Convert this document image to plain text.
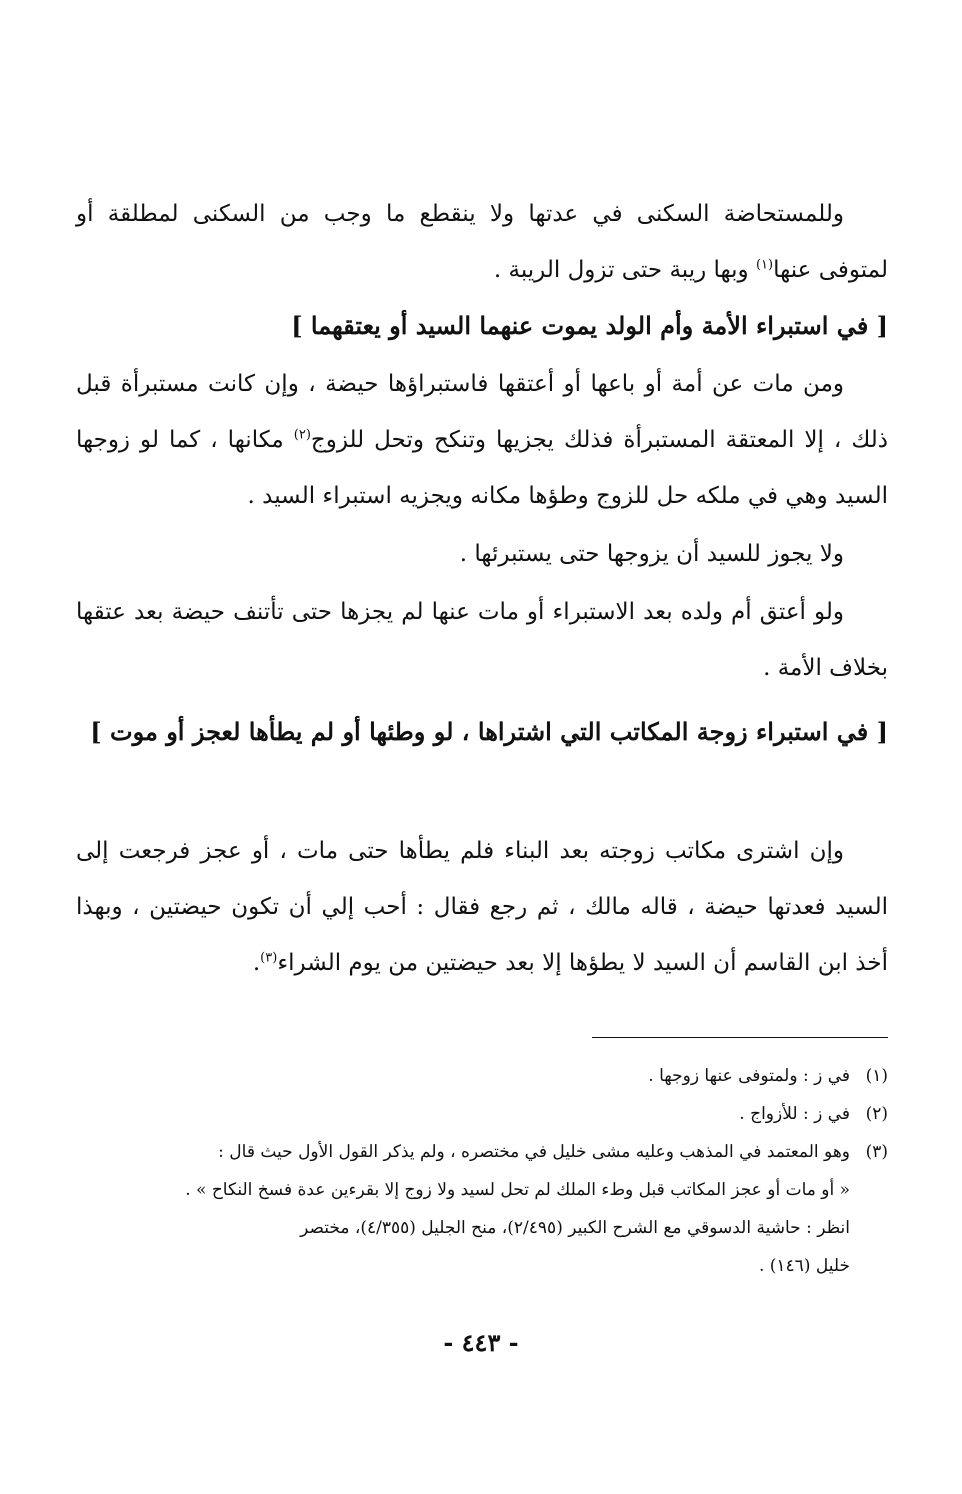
وللمستحاضة السكنى في عدتها ولا ينقطع ما وجب من السكنى لمطلقة أو لمتوفى عنها$^{(١)}$ وبها ريبة حتى تزول الريبة .
[ في استبراء الأمة وأم الولد يموت عنهما السيد أو يعتقهما ]
ومن مات عن أمة أو باعها أو أعتقها فاستبراؤها حيضة ، وإن كانت مستبرأة قبل ذلك ، إلا المعتقة المستبرأة فذلك يجزيها وتنكح وتحل للزوج$^{(٢)}$ مكانها ، كما لو زوجها السيد وهي في ملكه حل للزوج وطؤها مكانه ويجزيه استبراء السيد .
ولا يجوز للسيد أن يزوجها حتى يستبرئها .
ولو أعتق أم ولده بعد الاستبراء أو مات عنها لم يجزها حتى تأتنف حيضة بعد عتقها بخلاف الأمة .
[ في استبراء زوجة المكاتب التي اشتراها ، لو وطئها أو لم يطأها لعجز أو موت ]
وإن اشترى مكاتب زوجته بعد البناء فلم يطأها حتى مات ، أو عجز فرجعت إلى السيد فعدتها حيضة ، قاله مالك ، ثم رجع فقال : أحب إلي أن تكون حيضتين ، وبهذا أخذ ابن القاسم أن السيد لا يطؤها إلا بعد حيضتين من يوم الشراء$^{(٣)}$.
(١)
في ز : ولمتوفى عنها زوجها .
(٢)
في ز : للأزواج .
(٣)
وهو المعتمد في المذهب وعليه مشى خليل في مختصره ، ولم يذكر القول الأول حيث قال :
« أو مات أو عجز المكاتب قبل وطء الملك لم تحل لسيد ولا زوج إلا بقرءين عدة فسخ النكاح » .
انظر : حاشية الدسوقي مع الشرح الكبير (٢/٤٩٥)، منح الجليل (٤/٣٥٥)، مختصر
خليل (١٤٦) .
- ٤٤٣ -
